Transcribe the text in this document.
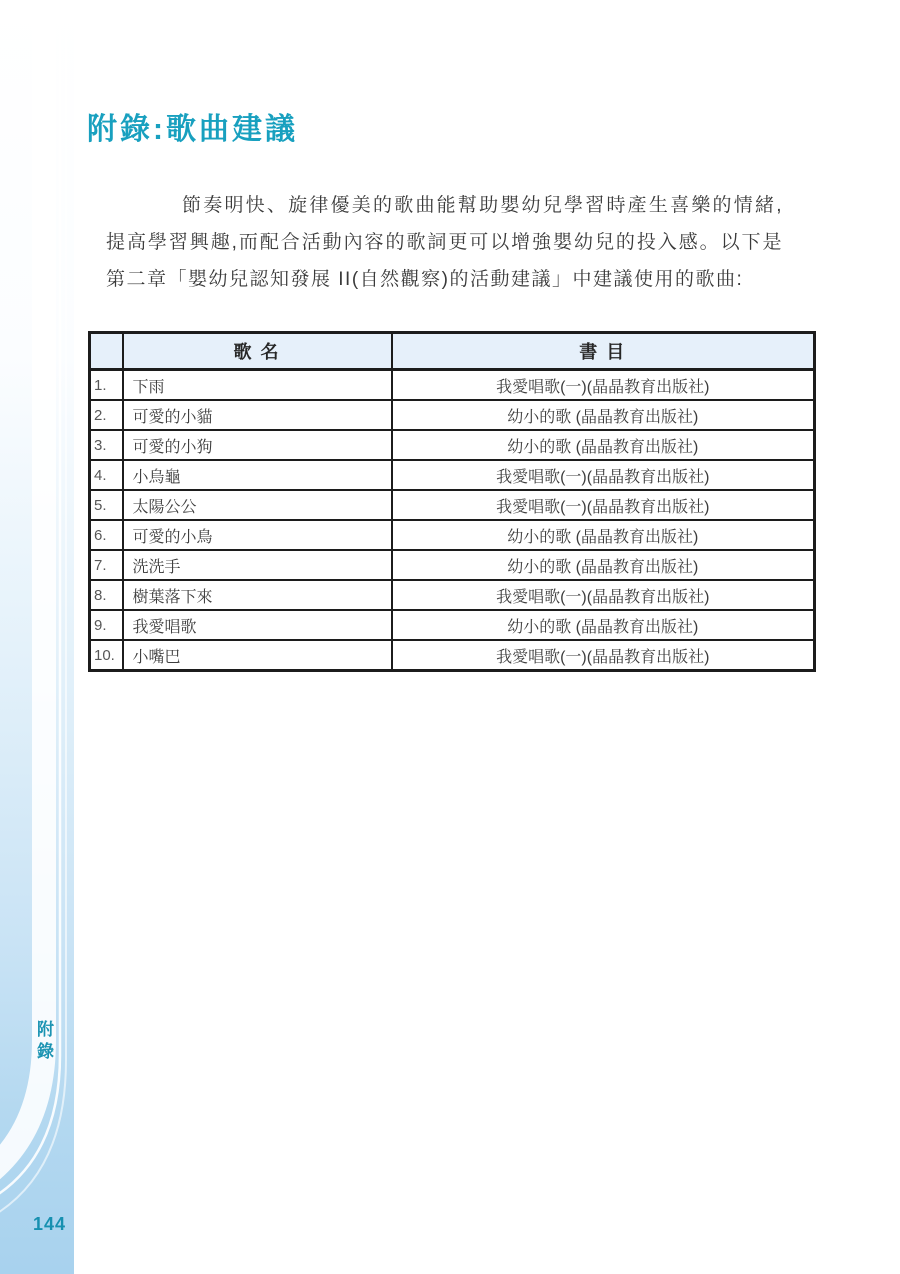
附錄
144
附錄:歌曲建議

節奏明快、旋律優美的歌曲能幫助嬰幼兒學習時產生喜樂的情緒,提高學習興趣,而配合活動內容的歌詞更可以增強嬰幼兒的投入感。以下是第二章「嬰幼兒認知發展 II(自然觀察)的活動建議」中建議使用的歌曲:

	歌 名	書 目
1.	下雨	我愛唱歌(一)(晶晶教育出版社)
2.	可愛的小貓	幼小的歌 (晶晶教育出版社)
3.	可愛的小狗	幼小的歌 (晶晶教育出版社)
4.	小烏龜	我愛唱歌(一)(晶晶教育出版社)
5.	太陽公公	我愛唱歌(一)(晶晶教育出版社)
6.	可愛的小鳥	幼小的歌 (晶晶教育出版社)
7.	洗洗手	幼小的歌 (晶晶教育出版社)
8.	樹葉落下來	我愛唱歌(一)(晶晶教育出版社)
9.	我愛唱歌	幼小的歌 (晶晶教育出版社)
10.	小嘴巴	我愛唱歌(一)(晶晶教育出版社)
